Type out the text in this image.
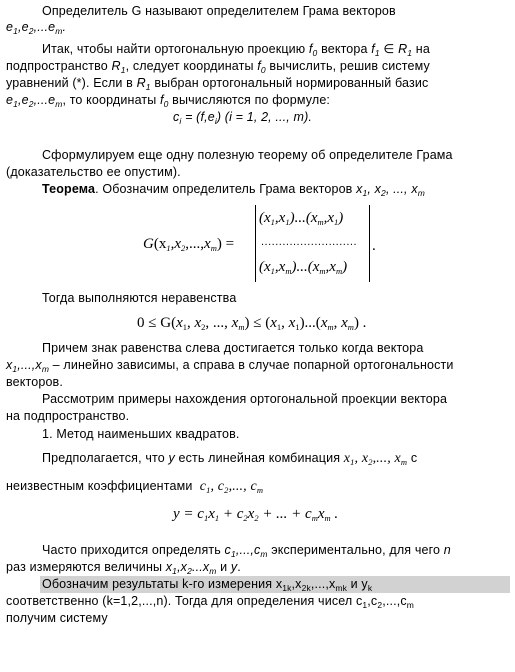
Определитель G называют определителем Грама векторов
$e_1,e_2,...e_m$.
Итак, чтобы найти ортогональную проекцию $f_0$ вектора $f_1$ ∈ $R_1$ на
подпространство $R_1$, следует координаты $f_0$ вычислить, решив систему
уравнений (*). Если в $R_1$ выбран ортогональный нормированный базис
$e_1,e_2,...e_m$, то координаты $f_0$ вычисляются по формуле:
$c_i = (f,e_i) (i = 1$, 2, ..., m).
Сформулируем еще одну полезную теорему об определителе Грама
(доказательство ее опустим).
Теорема. Обозначим определитель Грама векторов $x_1$, $x_2$, ..., $x_m$
$G(x_1,x_2,...,x_m)$ =
$(x_1,x_1)...(x_m,x_1)$
...........................
$(x_1,x_m)...(x_m,x_m)$
.
Тогда выполняются неравенства
$0 \le G(x_1$, $x_2$, ..., $x_m) \le (x_1$, $x_1)...(x_m$, $x_m$) .
Причем знак равенства слева достигается только когда вектора
$x_1,...,x_m$ – линейно зависимы, а справа в случае попарной ортогональности
векторов.
Рассмотрим примеры нахождения ортогональной проекции вектора
на подпространство.
1. Метод наименьших квадратов.
Предполагается, что y есть линейная комбинация $x_1$, $x_2$,..., $x_m$ с
неизвестным коэффициентами  $c_1$, $c_2$,..., $c_m$
$y = c_1x_1 + c_2x_2$ + ... + $c_mx_m$ .
Часто приходится определять $c_1,...,c_m$ экспериментально, для чего n
раз измеряются величины $x_1,x_2...x_m$ и y.
Обозначим результаты k-го измерения $x_{1k},x_{2k},...,x_{mk}$ и $y_k$
соответственно (k=1,2,...,n). Тогда для определения чисел $c_1,c_2,...,c_m$
получим систему
